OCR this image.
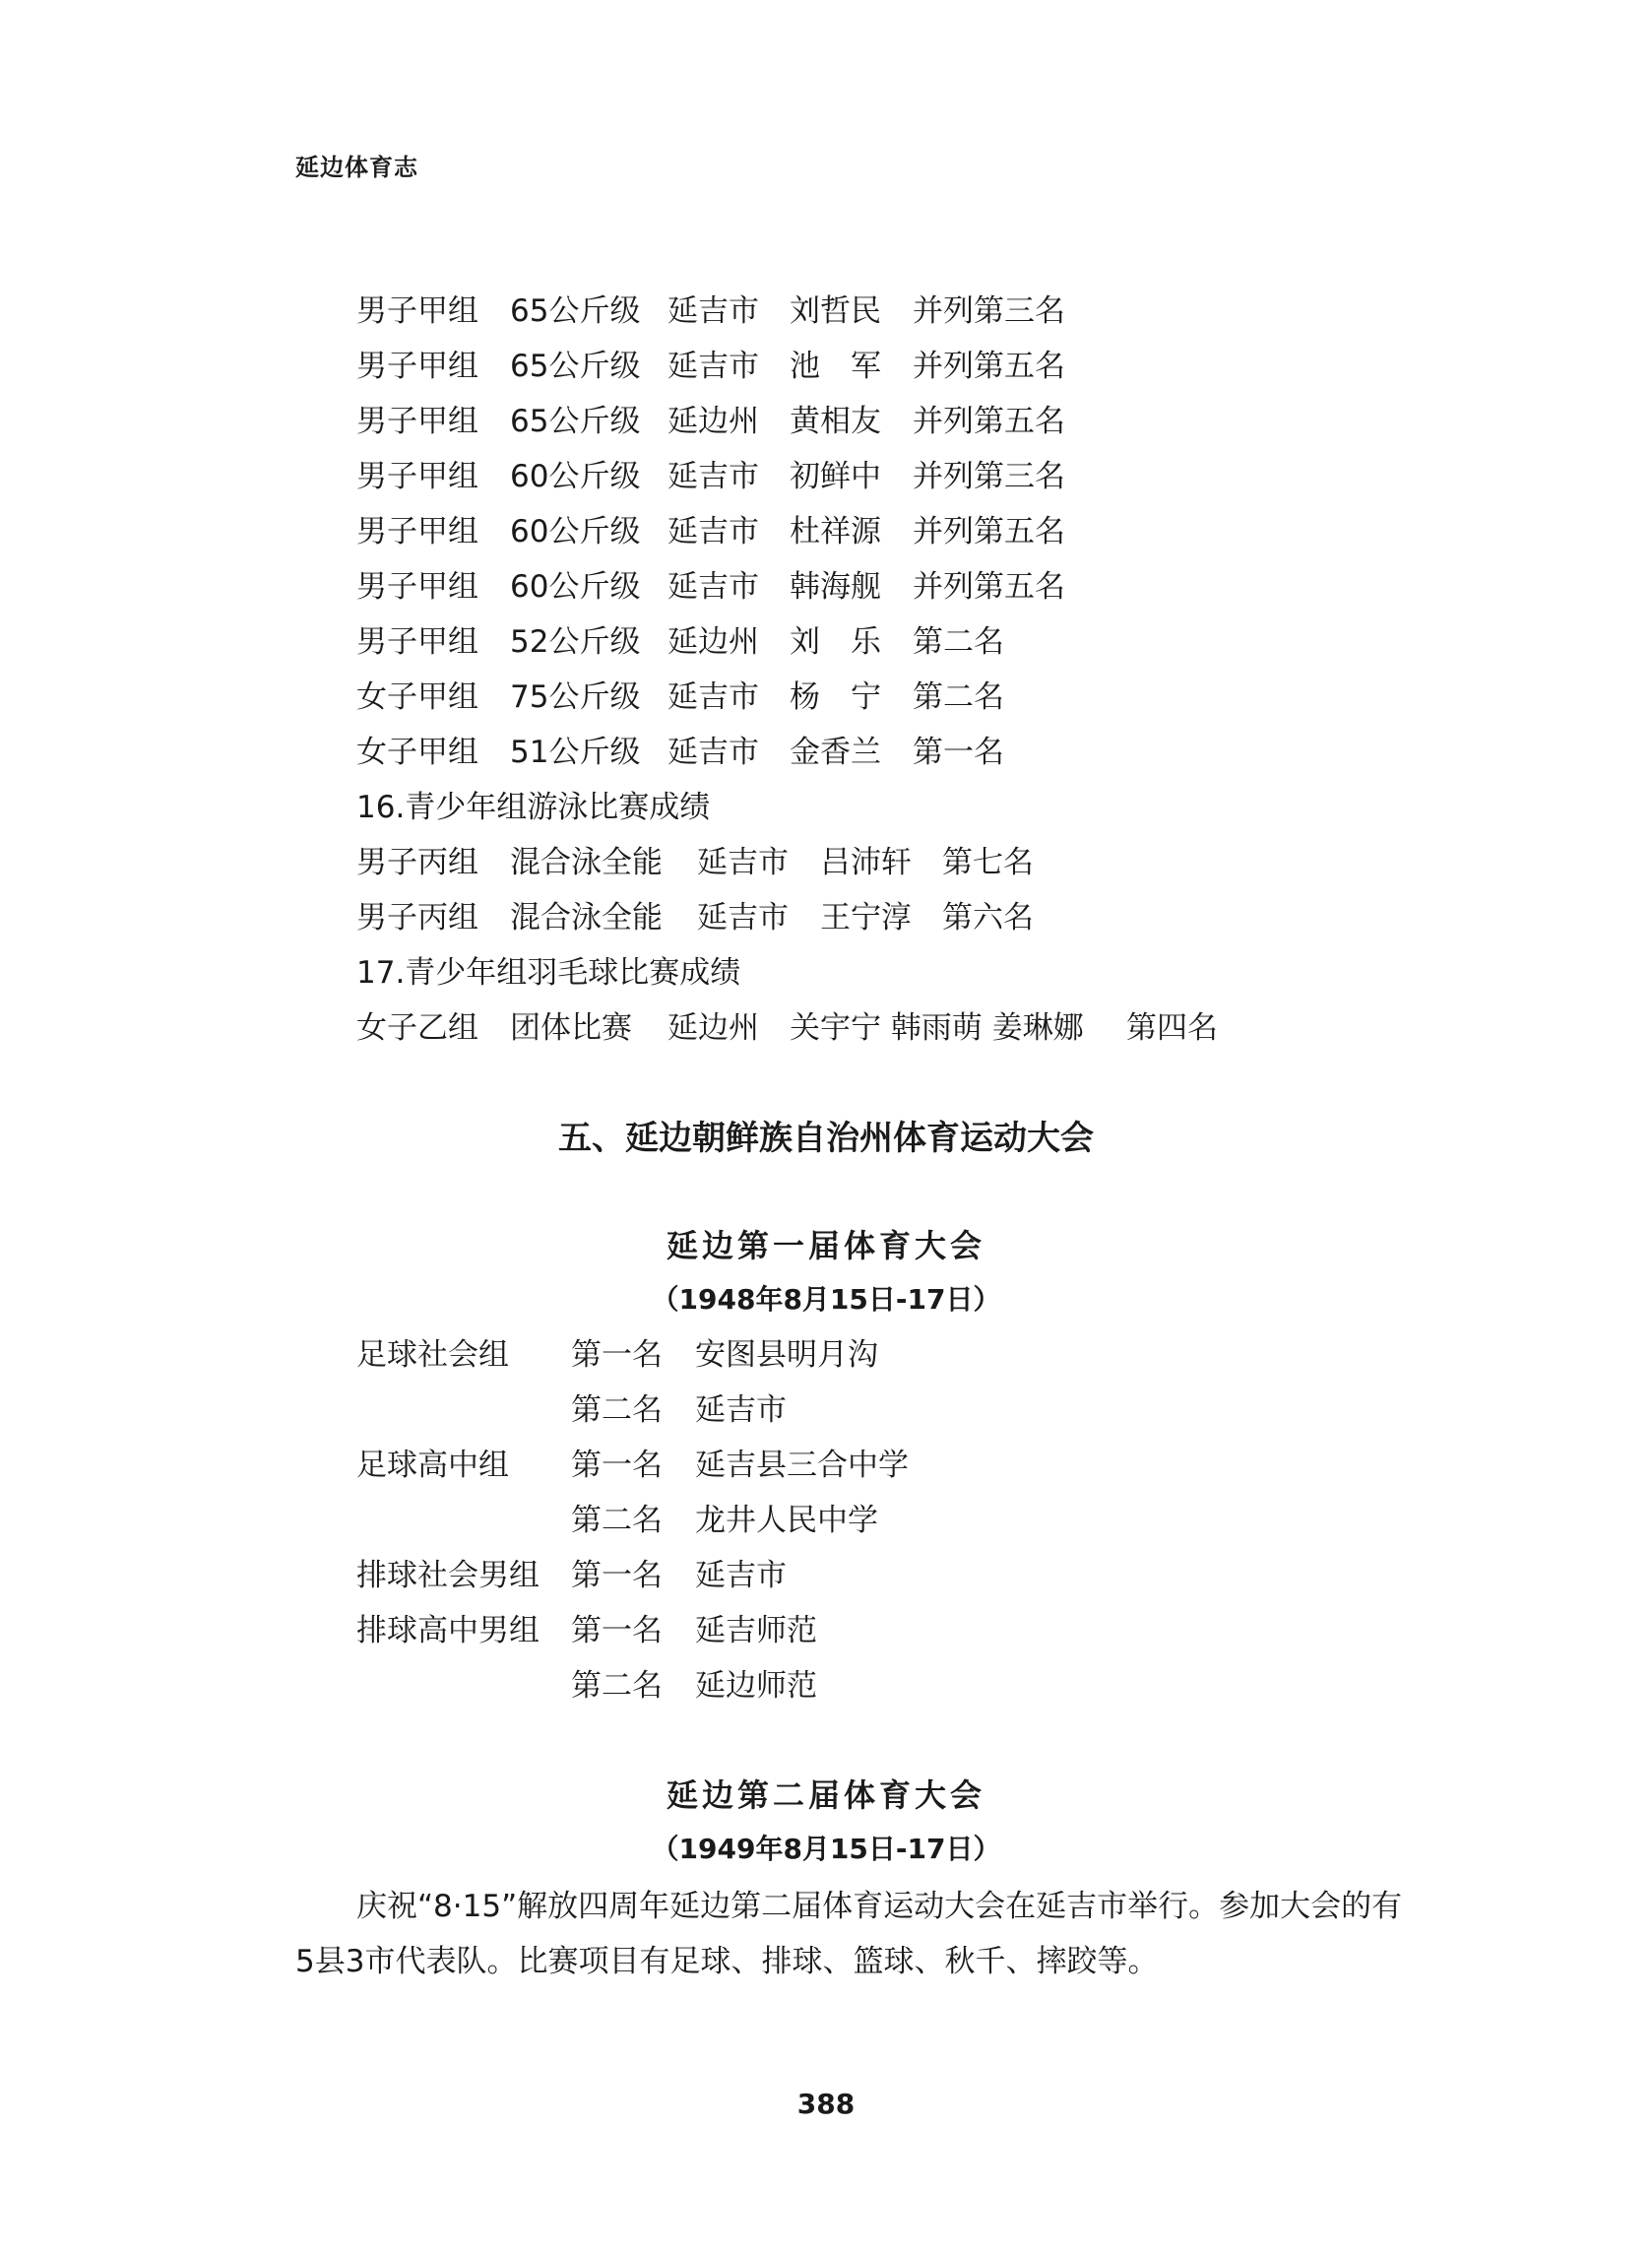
延边体育志
男子甲组 65公斤级 延吉市 刘哲民 并列第三名
男子甲组 65公斤级 延吉市 池　军 并列第五名
男子甲组 65公斤级 延边州 黄相友 并列第五名
男子甲组 60公斤级 延吉市 初鲜中 并列第三名
男子甲组 60公斤级 延吉市 杜祥源 并列第五名
男子甲组 60公斤级 延吉市 韩海舰 并列第五名
男子甲组 52公斤级 延边州 刘　乐 第二名
女子甲组 75公斤级 延吉市 杨　宁 第二名
女子甲组 51公斤级 延吉市 金香兰 第一名
16.青少年组游泳比赛成绩
男子丙组 混合泳全能 延吉市 吕沛轩 第七名
男子丙组 混合泳全能 延吉市 王宁淳 第六名
17.青少年组羽毛球比赛成绩
女子乙组 团体比赛 延边州 关宇宁 韩雨萌 姜琳娜 第四名
五、延边朝鲜族自治州体育运动大会
延边第一届体育大会
（1948年8月15日-17日）
足球社会组 第一名 安图县明月沟
第二名 延吉市
足球高中组 第一名 延吉县三合中学
第二名 龙井人民中学
排球社会男组 第一名 延吉市
排球高中男组 第一名 延吉师范
第二名 延边师范
延边第二届体育大会
（1949年8月15日-17日）

庆祝“8·15”解放四周年延边第二届体育运动大会在延吉市举行。参加大会的有

5县3市代表队。比赛项目有足球、排球、篮球、秋千、摔跤等。

388
